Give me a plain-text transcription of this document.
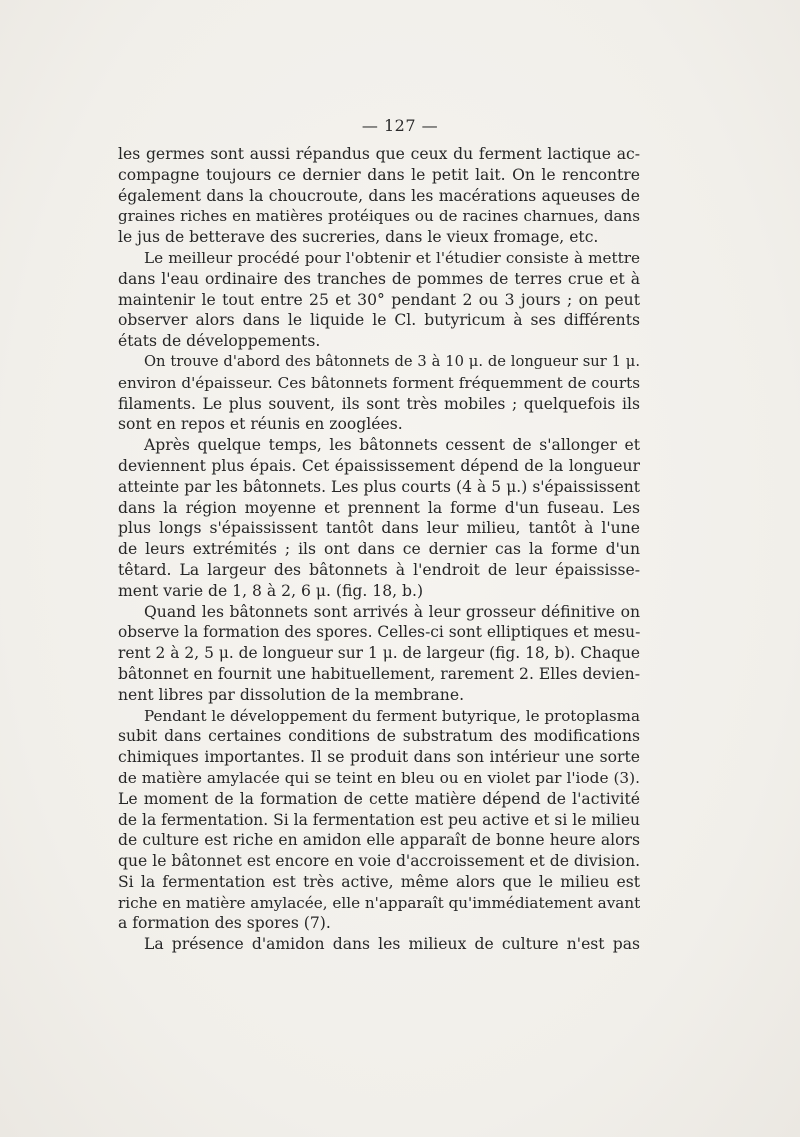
— 127 —
les germes sont aussi répandus que ceux du ferment lactique ac-
compagne toujours ce dernier dans le petit lait. On le rencontre
également dans la choucroute, dans les macérations aqueuses de
graines riches en matières protéiques ou de racines charnues, dans
le jus de betterave des sucreries, dans le vieux fromage, etc.
Le meilleur procédé pour l'obtenir et l'étudier consiste à mettre
dans l'eau ordinaire des tranches de pommes de terres crue et à
maintenir le tout entre 25 et 30° pendant 2 ou 3 jours ; on peut
observer alors dans le liquide le Cl. butyricum à ses différents
états de développements.
On trouve d'abord des bâtonnets de 3 à 10 μ. de longueur sur 1 μ.
environ d'épaisseur. Ces bâtonnets forment fréquemment de courts
filaments. Le plus souvent, ils sont très mobiles ; quelquefois ils
sont en repos et réunis en zooglées.
Après quelque temps, les bâtonnets cessent de s'allonger et
deviennent plus épais. Cet épaississement dépend de la longueur
atteinte par les bâtonnets. Les plus courts (4 à 5 μ.) s'épaississent
dans la région moyenne et prennent la forme d'un fuseau. Les
plus longs s'épaississent tantôt dans leur milieu, tantôt à l'une
de leurs extrémités ; ils ont dans ce dernier cas la forme d'un
têtard. La largeur des bâtonnets à l'endroit de leur épaississe-
ment varie de 1, 8 à 2, 6 μ. (fig. 18, b.)
Quand les bâtonnets sont arrivés à leur grosseur définitive on
observe la formation des spores. Celles-ci sont elliptiques et mesu-
rent 2 à 2, 5 μ. de longueur sur 1 μ. de largeur (fig. 18, b). Chaque
bâtonnet en fournit une habituellement, rarement 2. Elles devien-
nent libres par dissolution de la membrane.
Pendant le développement du ferment butyrique, le protoplasma
subit dans certaines conditions de substratum des modifications
chimiques importantes. Il se produit dans son intérieur une sorte
de matière amylacée qui se teint en bleu ou en violet par l'iode (3).
Le moment de la formation de cette matière dépend de l'activité
de la fermentation. Si la fermentation est peu active et si le milieu
de culture est riche en amidon elle apparaît de bonne heure alors
que le bâtonnet est encore en voie d'accroissement et de division.
Si la fermentation est très active, même alors que le milieu est
riche en matière amylacée, elle n'apparaît qu'immédiatement avant
a formation des spores (7).
La présence d'amidon dans les milieux de culture n'est pas
